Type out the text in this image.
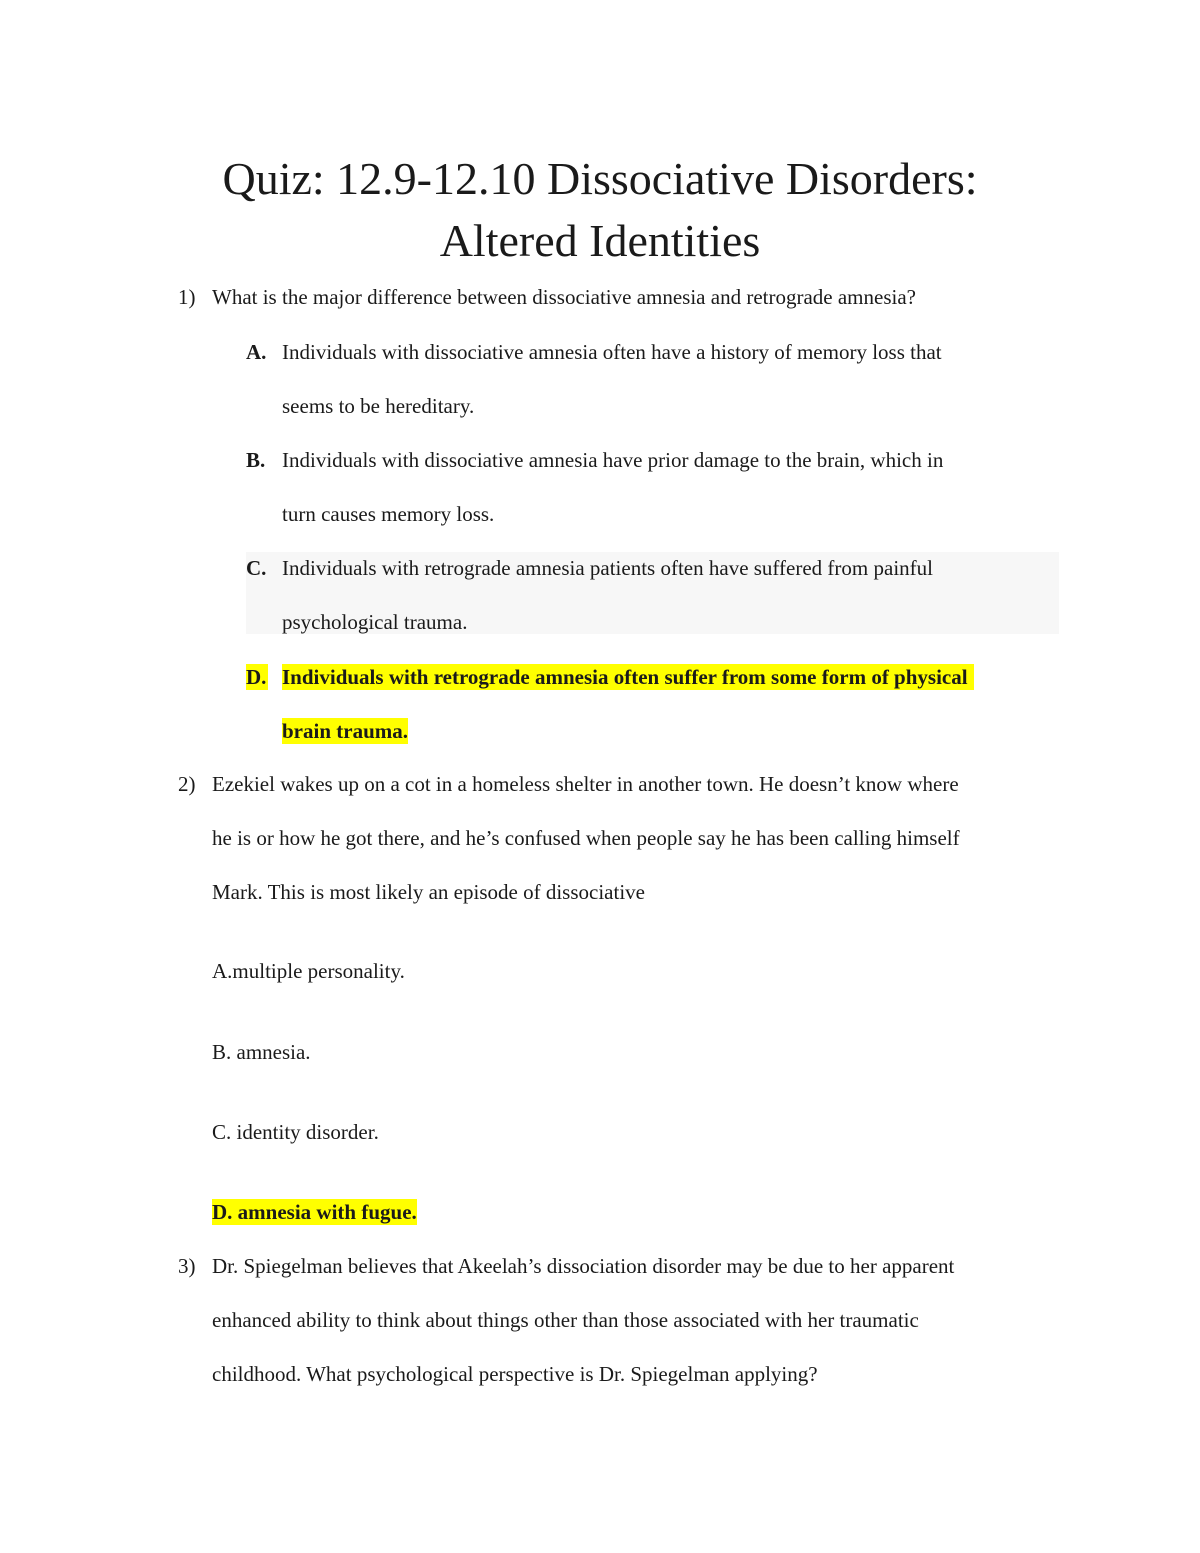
Quiz: 12.9-12.10 Dissociative Disorders:
Altered Identities
1) What is the major difference between dissociative amnesia and retrograde amnesia?
A. Individuals with dissociative amnesia often have a history of memory loss that
seems to be hereditary.
B. Individuals with dissociative amnesia have prior damage to the brain, which in
turn causes memory loss.
C. Individuals with retrograde amnesia patients often have suffered from painful
psychological trauma.
D. Individuals with retrograde amnesia often suffer from some form of physical
brain trauma.
2) Ezekiel wakes up on a cot in a homeless shelter in another town. He doesn’t know where
he is or how he got there, and he’s confused when people say he has been calling himself
Mark. This is most likely an episode of dissociative
A.multiple personality.
B. amnesia.
C. identity disorder.
D. amnesia with fugue.
3) Dr. Spiegelman believes that Akeelah’s dissociation disorder may be due to her apparent
enhanced ability to think about things other than those associated with her traumatic
childhood. What psychological perspective is Dr. Spiegelman applying?
